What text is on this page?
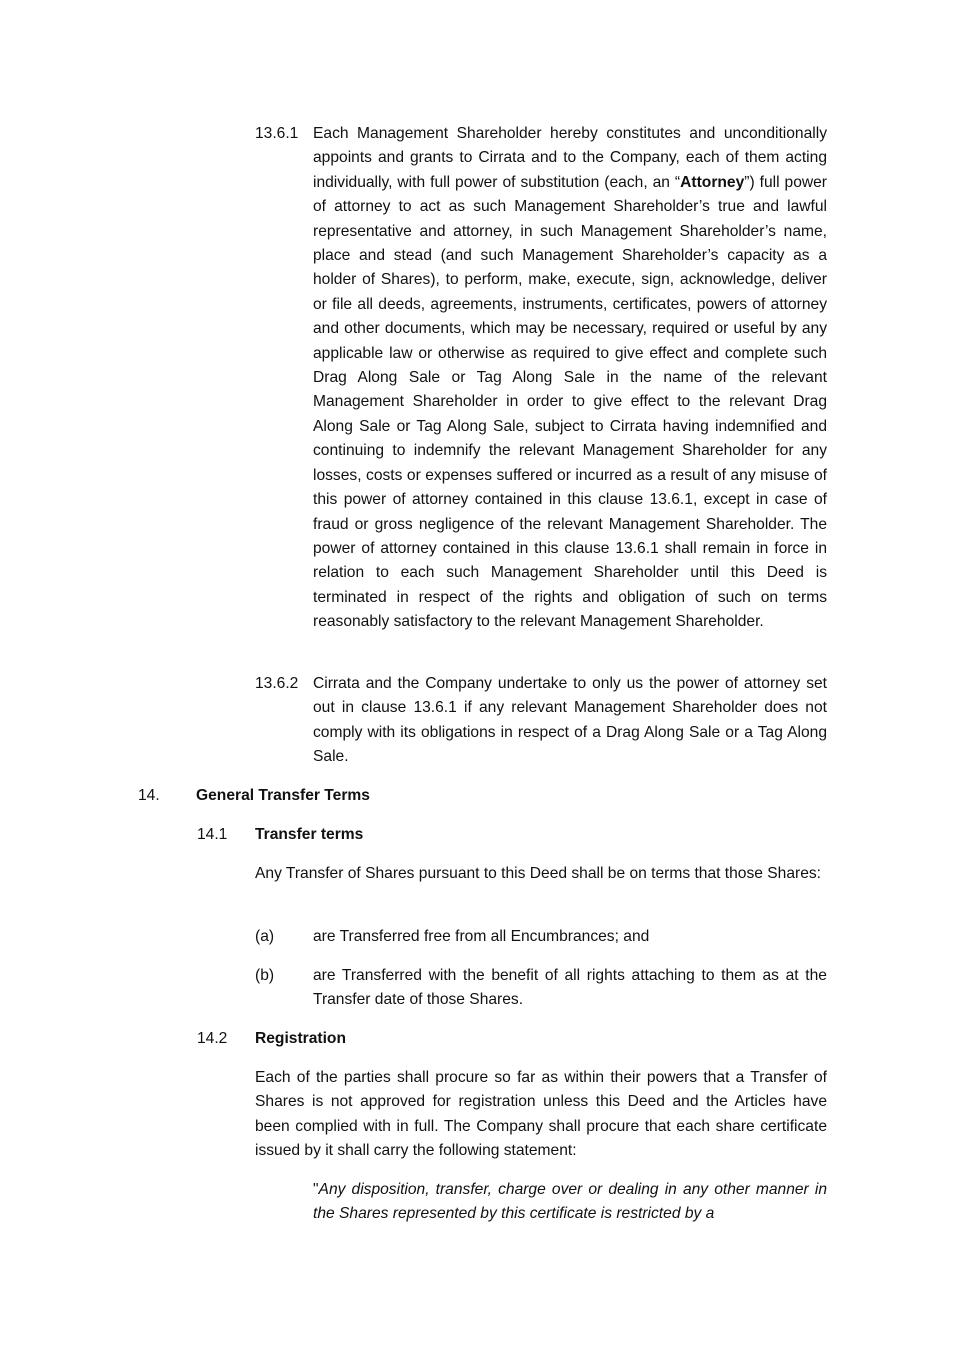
13.6.1 Each Management Shareholder hereby constitutes and unconditionally appoints and grants to Cirrata and to the Company, each of them acting individually, with full power of substitution (each, an “Attorney”) full power of attorney to act as such Management Shareholder’s true and lawful representative and attorney, in such Management Shareholder’s name, place and stead (and such Management Shareholder’s capacity as a holder of Shares), to perform, make, execute, sign, acknowledge, deliver or file all deeds, agreements, instruments, certificates, powers of attorney and other documents, which may be necessary, required or useful by any applicable law or otherwise as required to give effect and complete such Drag Along Sale or Tag Along Sale in the name of the relevant Management Shareholder in order to give effect to the relevant Drag Along Sale or Tag Along Sale, subject to Cirrata having indemnified and continuing to indemnify the relevant Management Shareholder for any losses, costs or expenses suffered or incurred as a result of any misuse of this power of attorney contained in this clause 13.6.1, except in case of fraud or gross negligence of the relevant Management Shareholder. The power of attorney contained in this clause 13.6.1 shall remain in force in relation to each such Management Shareholder until this Deed is terminated in respect of the rights and obligation of such on terms reasonably satisfactory to the relevant Management Shareholder.

13.6.2 Cirrata and the Company undertake to only us the power of attorney set out in clause 13.6.1 if any relevant Management Shareholder does not comply with its obligations in respect of a Drag Along Sale or a Tag Along Sale.

14. General Transfer Terms
14.1 Transfer terms

Any Transfer of Shares pursuant to this Deed shall be on terms that those Shares:

(a) are Transferred free from all Encumbrances; and

(b) are Transferred with the benefit of all rights attaching to them as at the Transfer date of those Shares.

14.2 Registration

Each of the parties shall procure so far as within their powers that a Transfer of Shares is not approved for registration unless this Deed and the Articles have been complied with in full. The Company shall procure that each share certificate issued by it shall carry the following statement:

"Any disposition, transfer, charge over or dealing in any other manner in the Shares represented by this certificate is restricted by a
